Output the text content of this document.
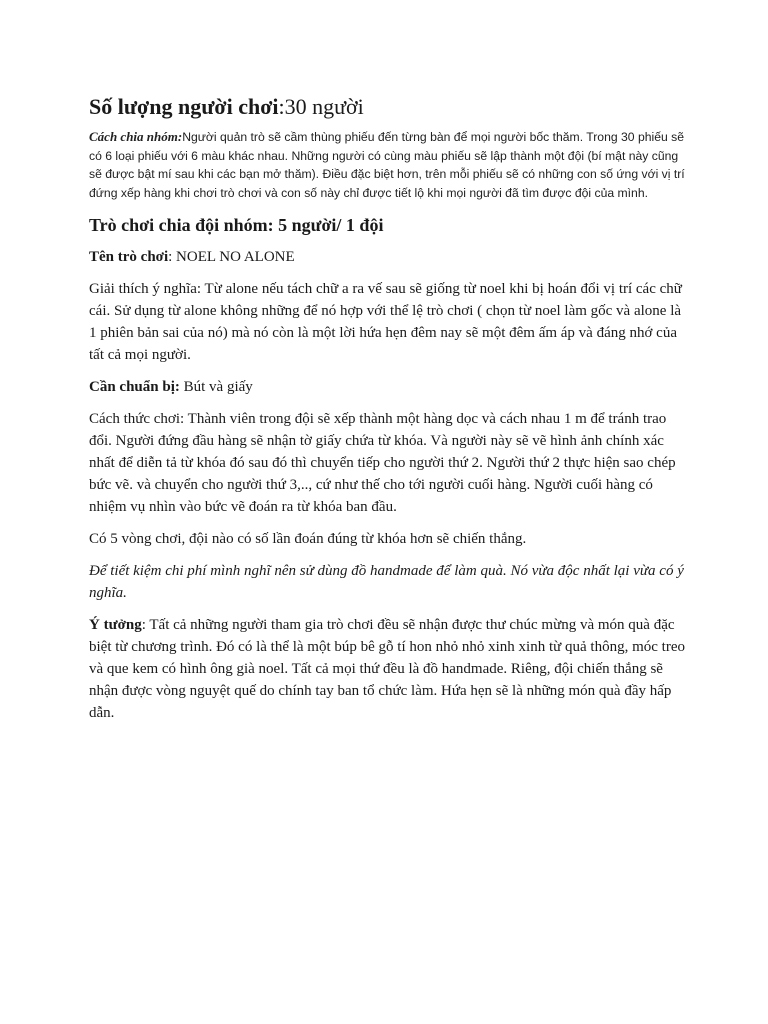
Số lượng người chơi:30 người

Cách chia nhóm:Người quản trò sẽ cầm thùng phiếu đến từng bàn để mọi người bốc thăm. Trong 30 phiếu sẽ có 6 loại phiếu với 6 màu khác nhau. Những người có cùng màu phiếu sẽ lập thành một đội (bí mật này cũng sẽ được bật mí sau khi các bạn mở thăm). Điều đặc biệt hơn, trên mỗi phiếu sẽ có những con số ứng với vị trí đứng xếp hàng khi chơi trò chơi và con số này chỉ được tiết lộ khi mọi người đã tìm được đội của mình.

Trò chơi chia đội nhóm: 5 người/ 1 đội

Tên trò chơi: NOEL NO ALONE

Giải thích ý nghĩa: Từ alone nếu tách chữ a ra vế sau sẽ giống từ noel khi bị hoán đổi vị trí các chữ cái. Sử dụng từ alone không những để nó hợp với thể lệ trò chơi ( chọn từ noel làm gốc và alone là 1 phiên bản sai của nó) mà nó còn là một lời hứa hẹn đêm nay sẽ một đêm ấm áp và đáng nhớ của tất cả mọi người.

Cần chuẩn bị: Bút và giấy

Cách thức chơi: Thành viên trong đội sẽ xếp thành một hàng dọc và cách nhau 1 m để tránh trao đổi. Người đứng đầu hàng sẽ nhận tờ giấy chứa từ khóa. Và người này sẽ vẽ hình ảnh chính xác nhất để diễn tả từ khóa đó sau đó thì chuyển tiếp cho người thứ 2. Người thứ 2 thực hiện sao chép bức vẽ. và chuyển cho người thứ 3,.., cứ như thế cho tới người cuối hàng. Người cuối hàng có nhiệm vụ nhìn vào bức vẽ đoán ra từ khóa ban đầu.

Có 5 vòng chơi, đội nào có số lần đoán đúng từ khóa hơn sẽ chiến thắng.

Để tiết kiệm chi phí mình nghĩ nên sử dùng đồ handmade để làm quà. Nó vừa độc nhất lại vừa có ý nghĩa.

Ý tưởng: Tất cả những người tham gia trò chơi đều sẽ nhận được thư chúc mừng và món quà đặc biệt từ chương trình. Đó có là thể là một búp bê gỗ tí hon nhỏ nhỏ xinh xinh từ quả thông, móc treo và que kem có hình ông già noel. Tất cả mọi thứ đều là đồ handmade. Riêng, đội chiến thắng sẽ nhận được vòng nguyệt quế do chính tay ban tổ chức làm. Hứa hẹn sẽ là những món quà đầy hấp dẫn.
